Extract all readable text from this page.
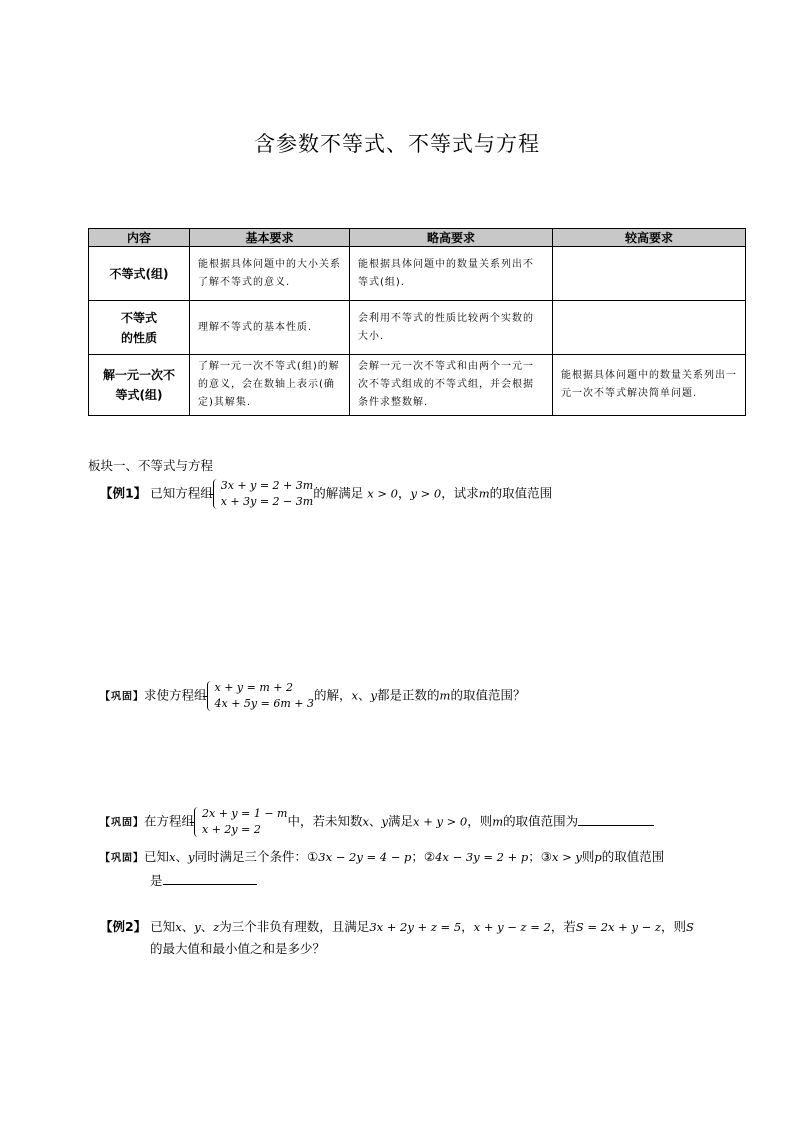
含参数不等式、不等式与方程
内容	基本要求	略高要求	较高要求
不等式(组)	能根据具体问题中的大小关系了解不等式的意义.	能根据具体问题中的数量关系列出不等式(组).	

不等式
的性质	理解不等式的基本性质.	会利用不等式的性质比较两个实数的大小.	

解一元一次不
等式(组)	了解一元一次不等式(组)的解的意义，会在数轴上表示(确定)其解集.	会解一元一次不等式和由两个一元一次不等式组成的不等式组，并会根据条件求整数解.	能根据具体问题中的数量关系列出一元一次不等式解决简单问题.
板块一、不等式与方程
【例1】 已知方程组 3x + y = 2 + 3m
x + 3y = 2 − 3m
的解满足 x > 0，y > 0，试求m的取值范围
【巩固】求使方程组 x + y = m + 2
4x + 5y = 6m + 3
的解，x、y都是正数的m的取值范围？
【巩固】在方程组 2x + y = 1 − m
x + 2y = 2
中，若未知数x、y满足x + y > 0，则m的取值范围为
【巩固】已知x、y同时满足三个条件：①3x − 2y = 4 − p；②4x − 3y = 2 + p；③x > y则p的取值范围
是
【例2】 已知x、y、z为三个非负有理数，且满足3x + 2y + z = 5，x + y − z = 2，若S = 2x + y − z，则S
的最大值和最小值之和是多少？
